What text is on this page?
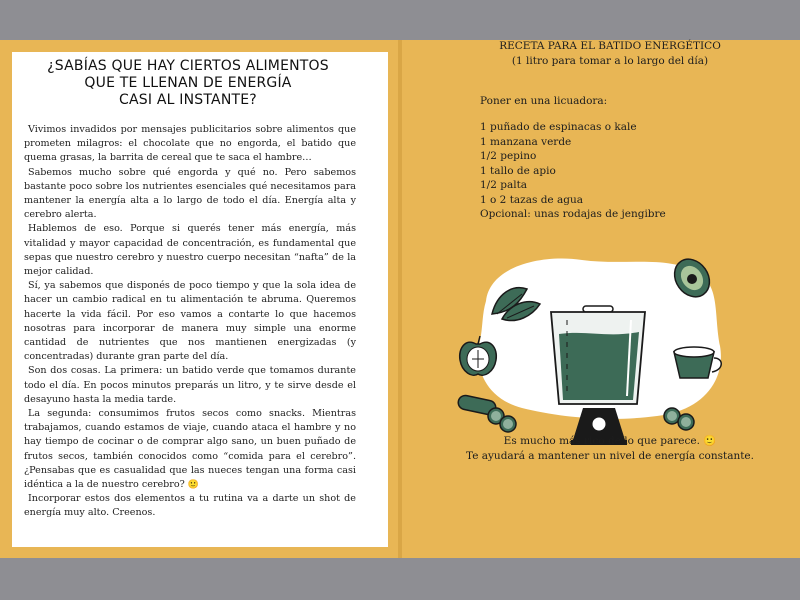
¿SABÍAS QUE HAY CIERTOS ALIMENTOS
QUE TE LLENAN DE ENERGÍA
CASI AL INSTANTE?

Vivimos invadidos por mensajes publicitarios sobre alimentos que prometen milagros: el chocolate que no engorda, el batido que quema grasas, la barrita de cereal que te saca el hambre…

Sabemos mucho sobre qué engorda y qué no. Pero sabemos bastante poco sobre los nutrientes esenciales qué necesitamos para mantener la energía alta a lo largo de todo el día. Energía alta y cerebro alerta.

Hablemos de eso. Porque si querés tener más energía, más vitalidad y mayor capacidad de concentración, es fundamental que sepas que nuestro cerebro y nuestro cuerpo necesitan “nafta” de la mejor calidad.

Sí, ya sabemos que disponés de poco tiempo y que la sola idea de hacer un cambio radical en tu alimentación te abruma. Queremos hacerte la vida fácil. Por eso vamos a contarte lo que hacemos nosotras para incorporar de manera muy simple una enorme cantidad de nutrientes que nos mantienen energizadas (y concentradas) durante gran parte del día.

Son dos cosas. La primera: un batido verde que tomamos durante todo el día. En pocos minutos preparás un litro, y te sirve desde el desayuno hasta la media tarde.

La segunda: consumimos frutos secos como snacks. Mientras trabajamos, cuando estamos de viaje, cuando ataca el hambre y no hay tiempo de cocinar o de comprar algo sano, un buen puñado de frutos secos, también conocidos como “comida para el cerebro”. ¿Pensabas que es casualidad que las nueces tengan una forma casi idéntica a la de nuestro cerebro? 🙂

Incorporar estos dos elementos a tu rutina va a darte un shot de energía muy alto. Creenos.

RECETA PARA EL BATIDO ENERGÉTICO
(1 litro para tomar a lo largo del día)
Poner en una licuadora:
1 puñado de espinacas o kale
1 manzana verde
1/2 pepino
1 tallo de apio
1/2 palta
1 o 2 tazas de agua
Opcional: unas rodajas de jengibre
Es mucho más rico de lo que parece. 🙂
Te ayudará a mantener un nivel de energía constante.
